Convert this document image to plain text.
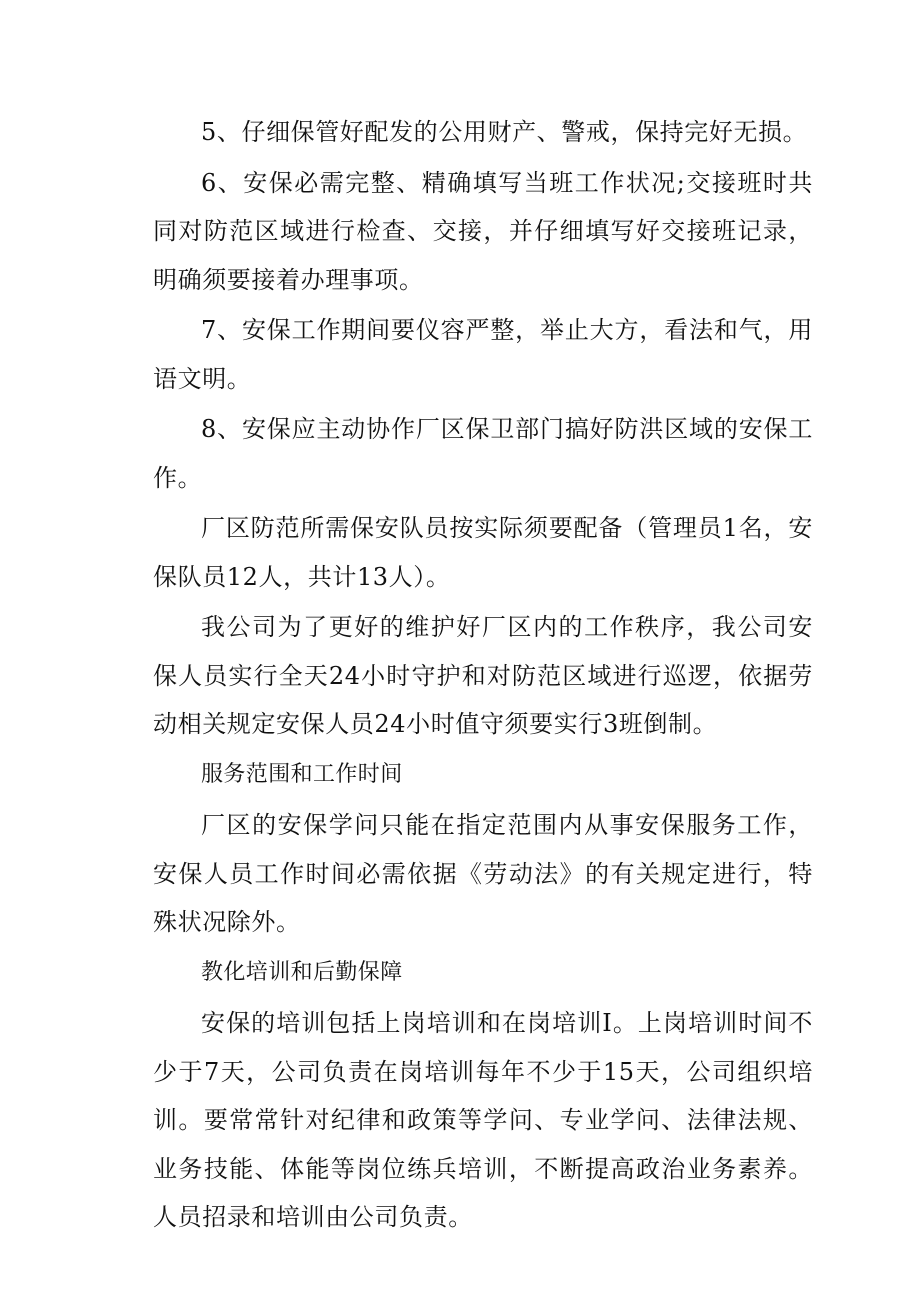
5、仔细保管好配发的公用财产、警戒，保持完好无损。

6、安保必需完整、精确填写当班工作状况;交接班时共同对防范区域进行检查、交接，并仔细填写好交接班记录，明确须要接着办理事项。

7、安保工作期间要仪容严整，举止大方，看法和气，用语文明。

8、安保应主动协作厂区保卫部门搞好防洪区域的安保工作。

厂区防范所需保安队员按实际须要配备（管理员1名，安保队员12人，共计13人）。

我公司为了更好的维护好厂区内的工作秩序，我公司安保人员实行全天24小时守护和对防范区域进行巡逻，依据劳动相关规定安保人员24小时值守须要实行3班倒制。

服务范围和工作时间

厂区的安保学问只能在指定范围内从事安保服务工作，安保人员工作时间必需依据《劳动法》的有关规定进行，特殊状况除外。

教化培训和后勤保障

安保的培训包括上岗培训和在岗培训I。上岗培训时间不少于7天，公司负责在岗培训每年不少于15天，公司组织培训。要常常针对纪律和政策等学问、专业学问、法律法规、业务技能、体能等岗位练兵培训，不断提高政治业务素养。人员招录和培训由公司负责。
